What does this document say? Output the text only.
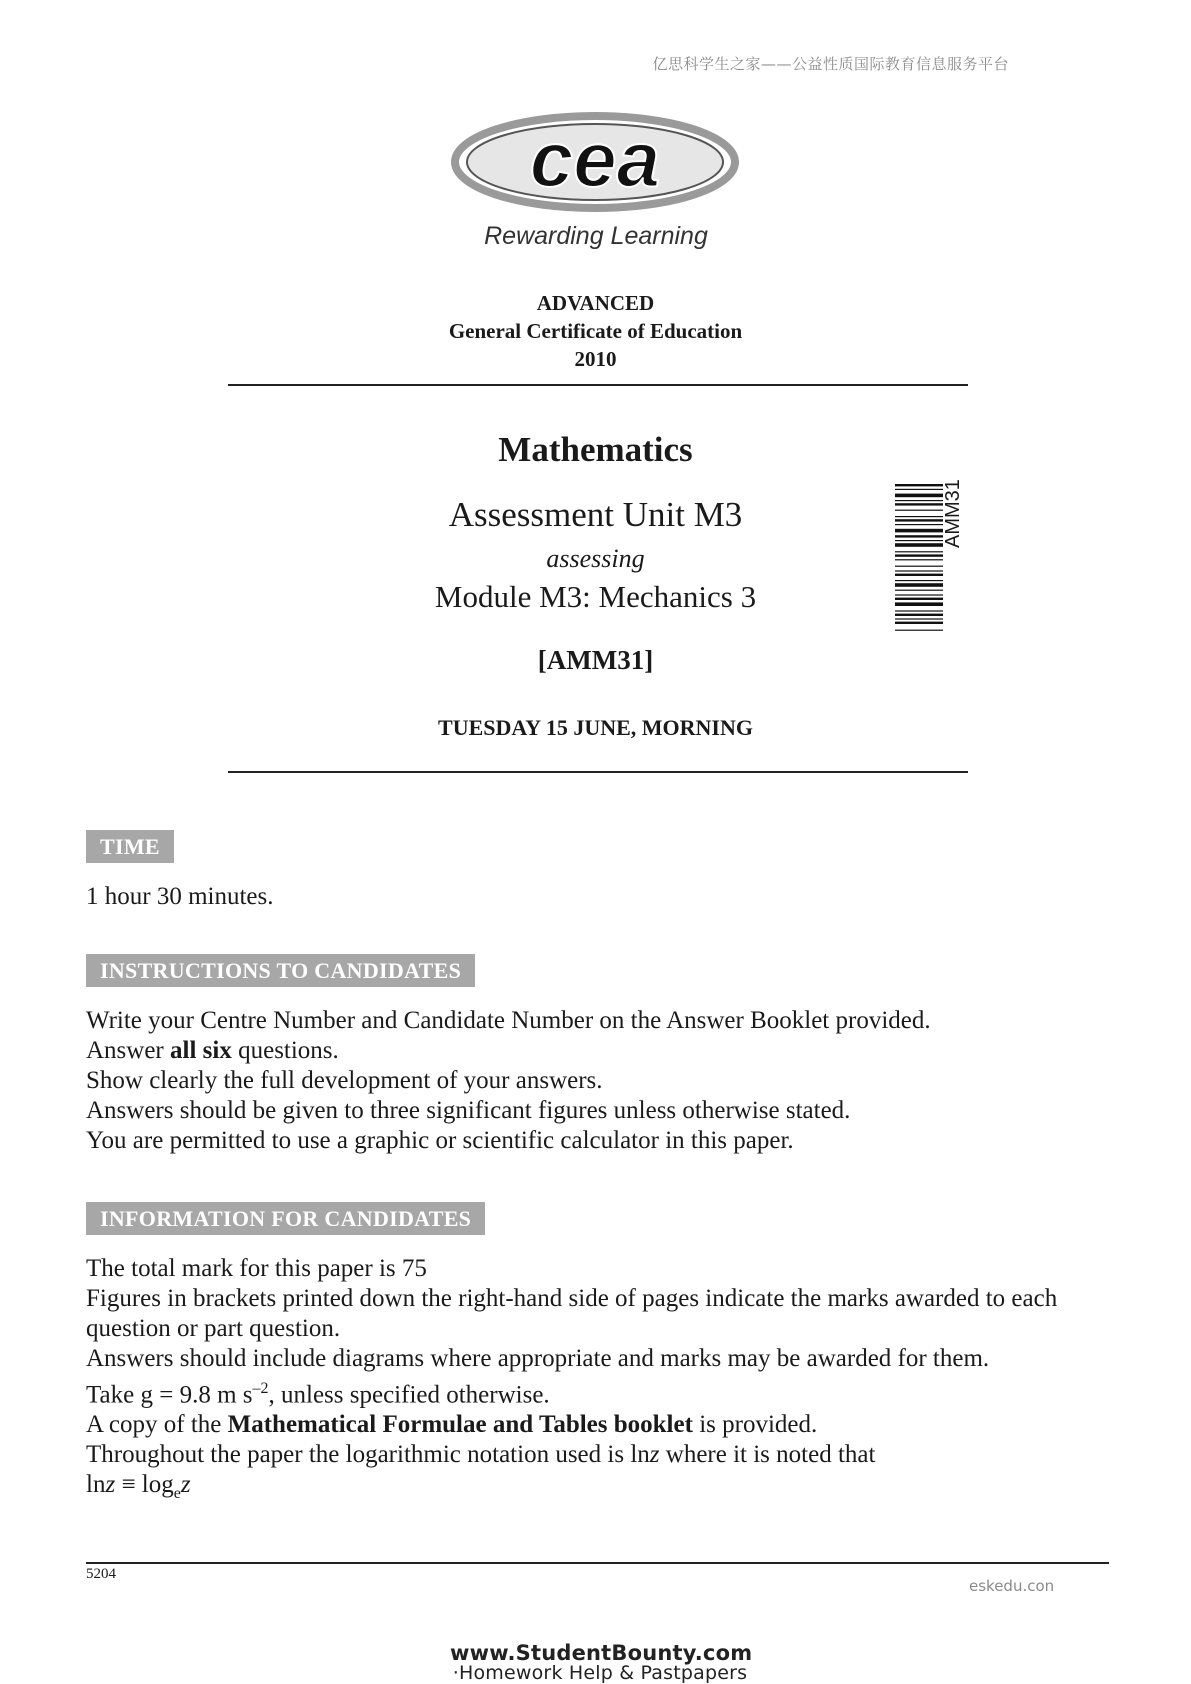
亿思科学生之家——公益性质国际教育信息服务平台
cea
Rewarding Learning
ADVANCED
General Certificate of Education
2010
Mathematics
Assessment Unit M3
assessing
Module M3: Mechanics 3
[AMM31]
TUESDAY 15 JUNE, MORNING
AMM31
TIME
1 hour 30 minutes.
INSTRUCTIONS TO CANDIDATES
Write your Centre Number and Candidate Number on the Answer Booklet provided.
Answer all six questions.
Show clearly the full development of your answers.
Answers should be given to three significant figures unless otherwise stated.
You are permitted to use a graphic or scientific calculator in this paper.
INFORMATION FOR CANDIDATES
The total mark for this paper is 75
Figures in brackets printed down the right-hand side of pages indicate the marks awarded to each
question or part question.
Answers should include diagrams where appropriate and marks may be awarded for them.
Take g = 9.8 m $s^{-2}$, unless specified otherwise.
A copy of the Mathematical Formulae and Tables booklet is provided.
Throughout the paper the logarithmic notation used is lnz where it is noted that
$\ln z \equiv \log_ez$
5204
eskedu.con
www.StudentBounty.com
·Homework Help & Pastpapers
